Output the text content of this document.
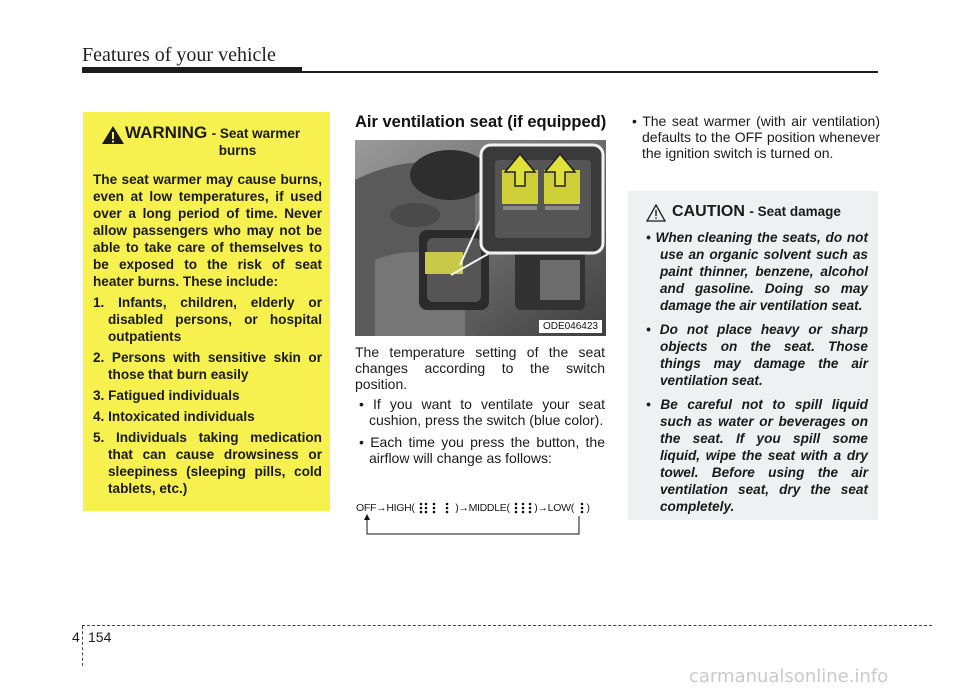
Features of your vehicle
WARNING - Seat warmer
burns

The seat warmer may cause burns, even at low temperatures, if used over a long period of time. Never allow passengers who may not be able to take care of themselves to be exposed to the risk of seat heater burns. These include:

1. Infants, children, elderly or disabled persons, or hospital outpatients
2. Persons with sensitive skin or those that burn easily
3. Fatigued individuals
4. Intoxicated individuals
5. Individuals taking medication that can cause drowsiness or sleepiness (sleeping pills, cold tablets, etc.)
Air ventilation seat (if equipped)
ODE046423

The temperature setting of the seat changes according to the switch position.

• If you want to ventilate your seat cushion, press the switch (blue color).
• Each time you press the button, the airflow will change as follows:
OFF→HIGH(	)→MIDDLE( )→LOW( )

• The seat warmer (with air ventilation) defaults to the OFF position whenever the ignition switch is turned on.

CAUTION - Seat damage
• When cleaning the seats, do not use an organic solvent such as paint thinner, benzene, alcohol and gasoline. Doing so may damage the air ventilation seat.
• Do not place heavy or sharp objects on the seat. Those things may damage the air ventilation seat.
• Be careful not to spill liquid such as water or beverages on the seat. If you spill some liquid, wipe the seat with a dry towel. Before using the air ventilation seat, dry the seat completely.
4 154
carmanualsonline.info
